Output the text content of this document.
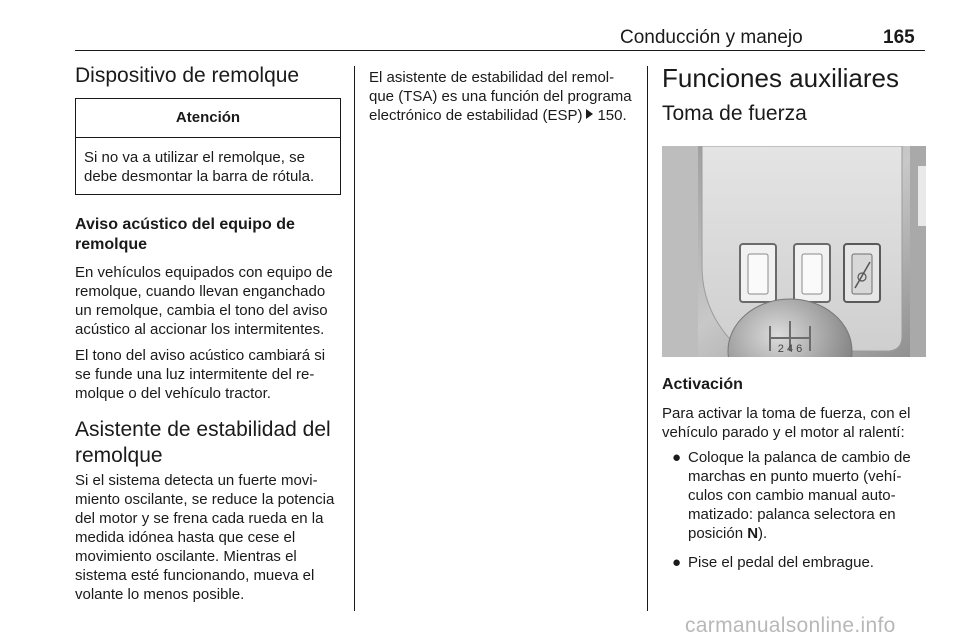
Conducción y manejo	165
Dispositivo de remolque
Atención
Si no va a utilizar el remolque, se debe desmontar la barra de rótula.
Aviso acústico del equipo de remolque

En vehículos equipados con equipo de remolque, cuando llevan enganchado un remolque, cambia el tono del aviso acústico al accionar los intermitentes.

El tono del aviso acústico cambiará si se funde una luz intermitente del remolque o del vehículo tractor.

Asistente de estabilidad del remolque

Si el sistema detecta un fuerte movimiento oscilante, se reduce la potencia del motor y se frena cada rueda en la medida idónea hasta que cese el movimiento oscilante. Mientras el sistema esté funcionando, mueva el volante lo menos posible.

El asistente de estabilidad del remolque (TSA) es una función del programa electrónico de estabilidad (ESP) 150.

Funciones auxiliares
Toma de fuerza
2 4 6
Activación

Para activar la toma de fuerza, con el vehículo parado y el motor al ralentí:

● Coloque la palanca de cambio de marchas en punto muerto (vehículos con cambio manual automatizado: palanca selectora en posición N).
● Pise el pedal del embrague.
carmanualsonline.info
